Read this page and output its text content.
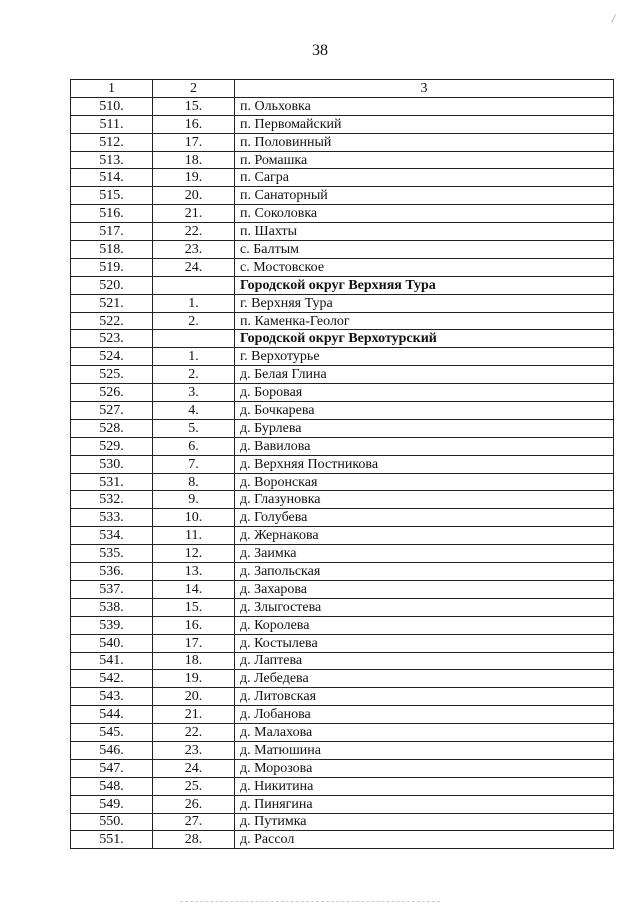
38
1	2	3
510.	15.	п. Ольховка
511.	16.	п. Первомайский
512.	17.	п. Половинный
513.	18.	п. Ромашка
514.	19.	п. Сагра
515.	20.	п. Санаторный
516.	21.	п. Соколовка
517.	22.	п. Шахты
518.	23.	с. Балтым
519.	24.	с. Мостовское
520.		Городской округ Верхняя Тура
521.	1.	г. Верхняя Тура
522.	2.	п. Каменка-Геолог
523.		Городской округ Верхотурский
524.	1.	г. Верхотурье
525.	2.	д. Белая Глина
526.	3.	д. Боровая
527.	4.	д. Бочкарева
528.	5.	д. Бурлева
529.	6.	д. Вавилова
530.	7.	д. Верхняя Постникова
531.	8.	д. Воронская
532.	9.	д. Глазуновка
533.	10.	д. Голубева
534.	11.	д. Жернакова
535.	12.	д. Заимка
536.	13.	д. Запольская
537.	14.	д. Захарова
538.	15.	д. Злыгостева
539.	16.	д. Королева
540.	17.	д. Костылева
541.	18.	д. Лаптева
542.	19.	д. Лебедева
543.	20.	д. Литовская
544.	21.	д. Лобанова
545.	22.	д. Малахова
546.	23.	д. Матюшина
547.	24.	д. Морозова
548.	25.	д. Никитина
549.	26.	д. Пинягина
550.	27.	д. Путимка
551.	28.	д. Рассол
